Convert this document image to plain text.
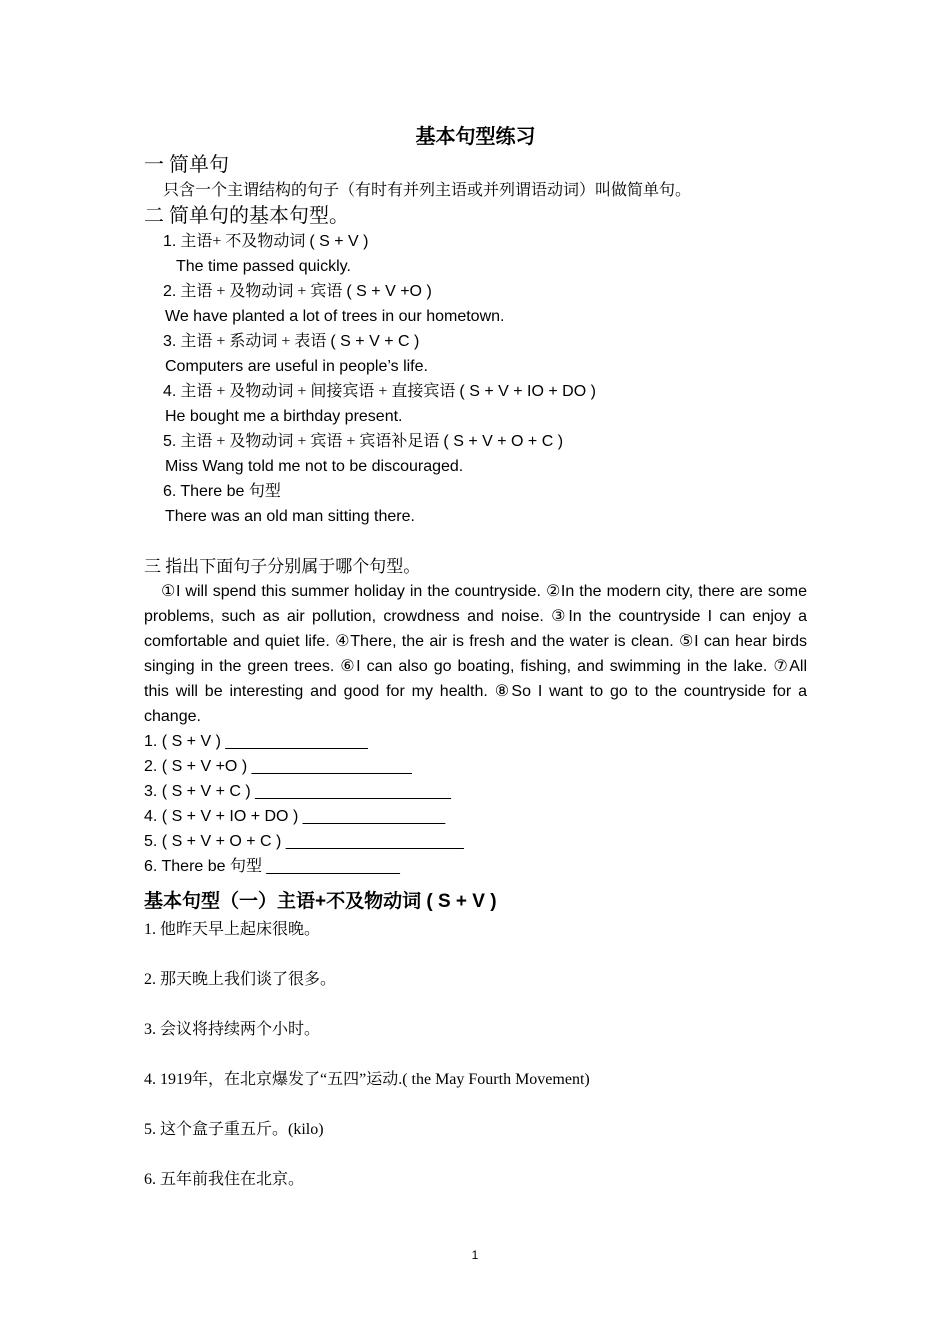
基本句型练习
一 简单句
只含一个主谓结构的句子（有时有并列主语或并列谓语动词）叫做简单句。
二 简单句的基本句型。
1. 主语+ 不及物动词 ( S + V )
The time passed quickly.
2. 主语 + 及物动词 + 宾语 ( S + V +O )
We have planted a lot of trees in our hometown.
3. 主语 + 系动词 + 表语 ( S + V + C )
Computers are useful in people’s life.
4. 主语 + 及物动词 + 间接宾语 + 直接宾语 ( S + V + IO + DO )
He bought me a birthday present.
5. 主语 + 及物动词 + 宾语 + 宾语补足语 ( S + V + O + C )
Miss Wang told me not to be discouraged.
6. There be 句型
There was an old man sitting there.
三 指出下面句子分别属于哪个句型。
①I will spend this summer holiday in the countryside. ②In the modern city, there are some problems, such as air pollution, crowdness and noise. ③In the countryside I can enjoy a comfortable and quiet life. ④There, the air is fresh and the water is clean. ⑤I can hear birds singing in the green trees. ⑥I can also go boating, fishing, and swimming in the lake. ⑦All this will be interesting and good for my health. ⑧So I want to go to the countryside for a change.
1. ( S + V ) ________________
2. ( S + V +O ) __________________
3. ( S + V + C ) ______________________
4. ( S + V + IO + DO ) ________________
5. ( S + V + O + C ) ____________________
6. There be 句型 _______________
基本句型（一）主语+不及物动词 ( S + V )
1. 他昨天早上起床很晚。
2. 那天晚上我们谈了很多。
3. 会议将持续两个小时。
4. 1919年，在北京爆发了“五四”运动.( the May Fourth Movement)
5. 这个盒子重五斤。(kilo)
6. 五年前我住在北京。
1
